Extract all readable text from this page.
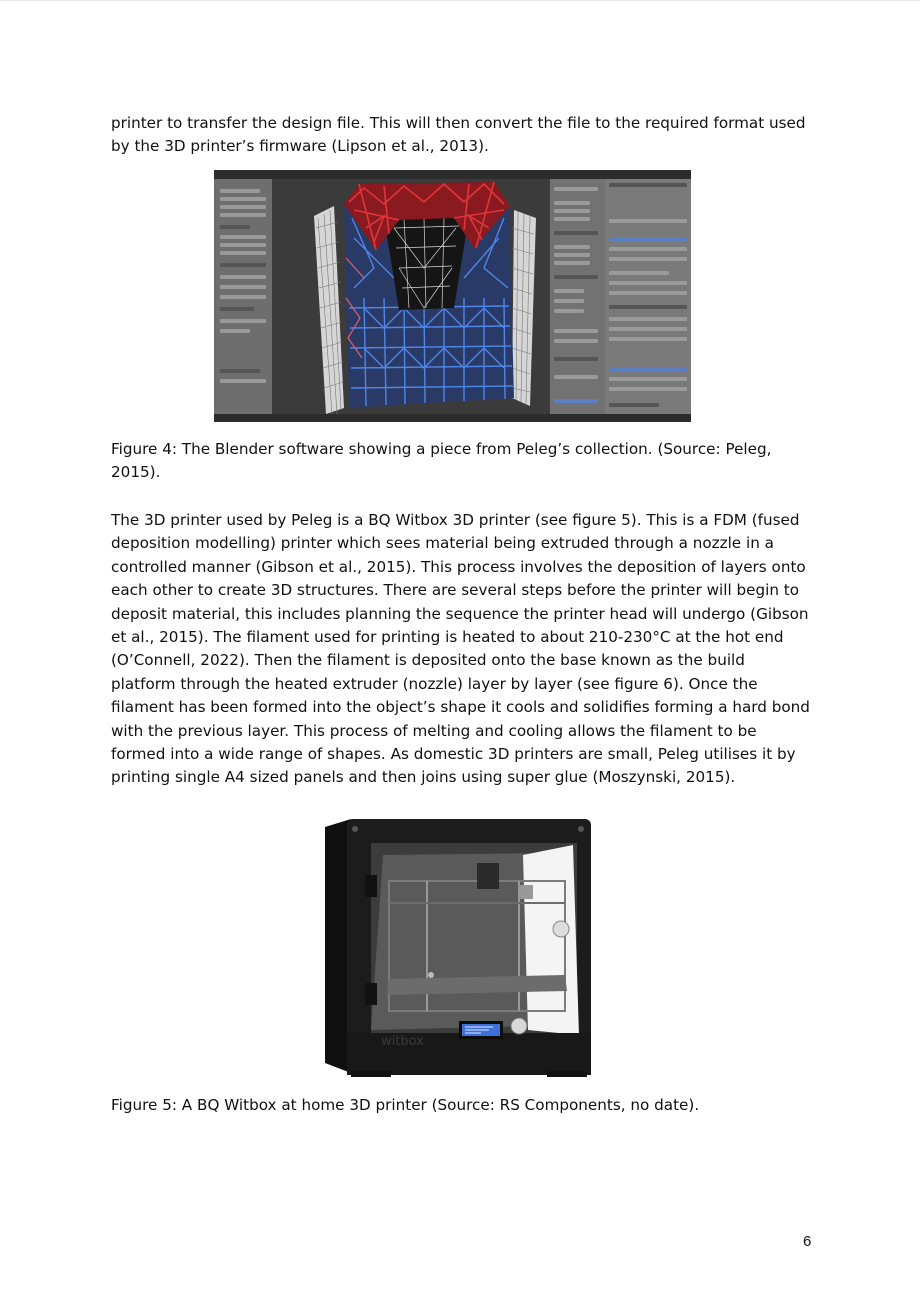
printer to transfer the design file. This will then convert the file to the required format used by the 3D printer’s firmware (Lipson et al., 2013).

Figure 4: The Blender software showing a piece from Peleg’s collection. (Source: Peleg, 2015).

The 3D printer used by Peleg is a BQ Witbox 3D printer (see figure 5). This is a FDM (fused deposition modelling) printer which sees material being extruded through a nozzle in a controlled manner (Gibson et al., 2015). This process involves the deposition of layers onto each other to create 3D structures. There are several steps before the printer will begin to deposit material, this includes planning the sequence the printer head will undergo (Gibson et al., 2015). The filament used for printing is heated to about 210-230°C at the hot end (O’Connell, 2022). Then the filament is deposited onto the base known as the build platform through the heated extruder (nozzle) layer by layer (see figure 6). Once the filament has been formed into the object’s shape it cools and solidifies forming a hard bond with the previous layer. This process of melting and cooling allows the filament to be formed into a wide range of shapes. As domestic 3D printers are small, Peleg utilises it by printing single A4 sized panels and then joins using super glue (Moszynski, 2015).

witbox

Figure 5: A BQ Witbox at home 3D printer (Source: RS Components, no date).

6
